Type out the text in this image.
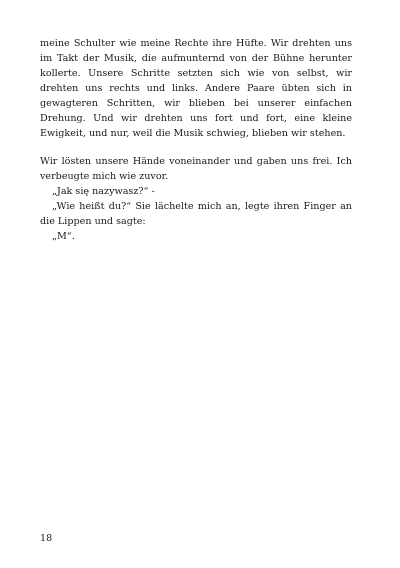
meine Schulter wie meine Rechte ihre Hüfte. Wir drehten uns im Takt der Musik, die aufmunternd von der Bühne herunter kollerte. Unsere Schritte setzten sich wie von selbst, wir drehten uns rechts und links. Andere Paare übten sich in gewagteren Schritten, wir blieben bei unserer einfachen Drehung. Und wir drehten uns fort und fort, eine kleine Ewigkeit, und nur, weil die Musik schwieg, blieben wir stehen.

Wir lösten unsere Hände voneinander und gaben uns frei. Ich verbeugte mich wie zuvor.

„Jak się nazywasz?“ -

„Wie heißt du?“ Sie lächelte mich an, legte ihren Finger an die Lippen und sagte:

„M“.

18
